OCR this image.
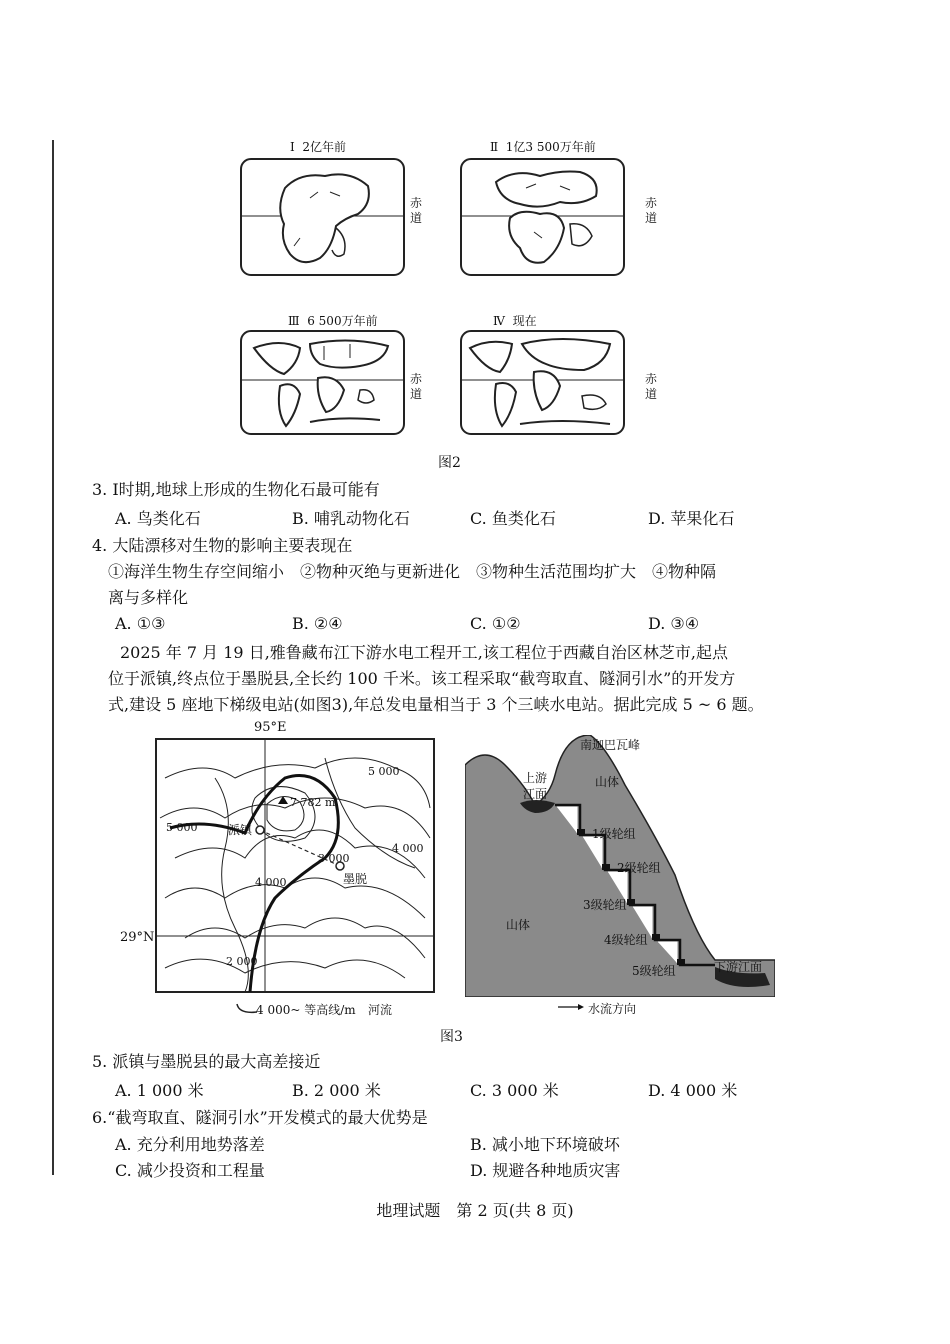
Ⅰ 2亿年前
赤道
Ⅱ 1亿3 500万年前
赤道
Ⅲ 6 500万年前
赤道
Ⅳ 现在
赤道
图2
3. Ⅰ时期,地球上形成的生物化石最可能有
A. 鸟类化石	B. 哺乳动物化石	C. 鱼类化石	D. 苹果化石
4. 大陆漂移对生物的影响主要表现在
①海洋生物生存空间缩小　②物种灭绝与更新进化　③物种生活范围均扩大　④物种隔
离与多样化
A. ①③	B. ②④	C. ①②	D. ③④
2025 年 7 月 19 日,雅鲁藏布江下游水电工程开工,该工程位于西藏自治区林芝市,起点
位于派镇,终点位于墨脱县,全长约 100 千米。该工程采取“截弯取直、隧洞引水”的开发方
式,建设 5 座地下梯级电站(如图3),年总发电量相当于 3 个三峡水电站。据此完成 5 ~ 6 题。
95°E
29°N
7 782 m
派镇
墨脱
5 000
5 000
4 000
4 000
3 000
2 000
4 000~ 等高线/m 河流
南迦巴瓦峰
上游
江面
山体
山体
1级轮组
2级轮组
3级轮组
4级轮组
5级轮组	下游江面
水流方向
图3
5. 派镇与墨脱县的最大高差接近
A. 1 000 米	B. 2 000 米	C. 3 000 米	D. 4 000 米
6.“截弯取直、隧洞引水”开发模式的最大优势是
A. 充分利用地势落差	B. 减小地下环境破坏
C. 减少投资和工程量	D. 规避各种地质灾害
地理试题　第 2 页(共 8 页)
